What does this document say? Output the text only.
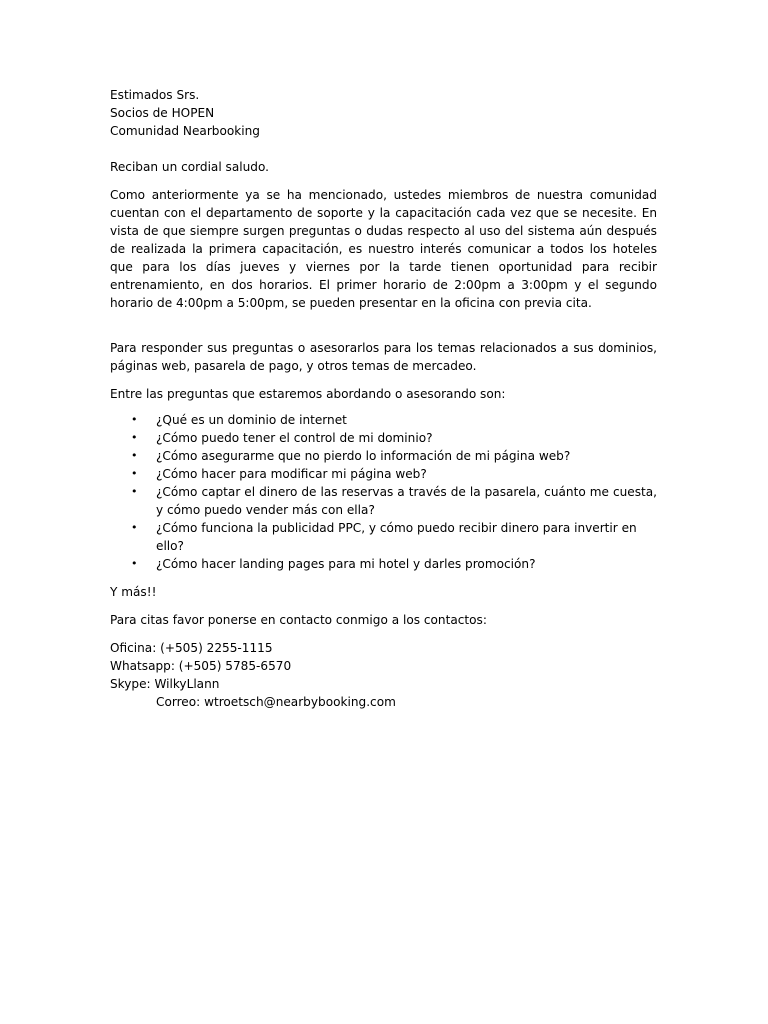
Estimados Srs.
Socios de HOPEN
Comunidad Nearbooking

Reciban un cordial saludo.

Como anteriormente ya se ha mencionado, ustedes miembros de nuestra comunidad cuentan con el departamento de soporte y la capacitación cada vez que se necesite. En vista de que siempre surgen preguntas o dudas respecto al uso del sistema aún después de realizada la primera capacitación, es nuestro interés comunicar a todos los hoteles que para los días jueves y viernes por la tarde tienen oportunidad para recibir entrenamiento, en dos horarios. El primer horario de 2:00pm a 3:00pm y el segundo horario de 4:00pm a 5:00pm, se pueden presentar en la oficina con previa cita.

Para responder sus preguntas o asesorarlos para los temas relacionados a sus dominios, páginas web, pasarela de pago, y otros temas de mercadeo.

Entre las preguntas que estaremos abordando o asesorando son:

• ¿Qué es un dominio de internet
• ¿Cómo puedo tener el control de mi dominio?
• ¿Cómo asegurarme que no pierdo lo información de mi página web?
• ¿Cómo hacer para modificar mi página web?
• ¿Cómo captar el dinero de las reservas a través de la pasarela, cuánto me cuesta, y cómo puedo vender más con ella?
• ¿Cómo funciona la publicidad PPC, y cómo puedo recibir dinero para invertir en ello?
• ¿Cómo hacer landing pages para mi hotel y darles promoción?

Y más!!

Para citas favor ponerse en contacto conmigo a los contactos:

Oficina: (+505) 2255-1115
Whatsapp: (+505) 5785-6570
Skype: WilkyLlann
Correo: wtroetsch@nearbybooking.com
